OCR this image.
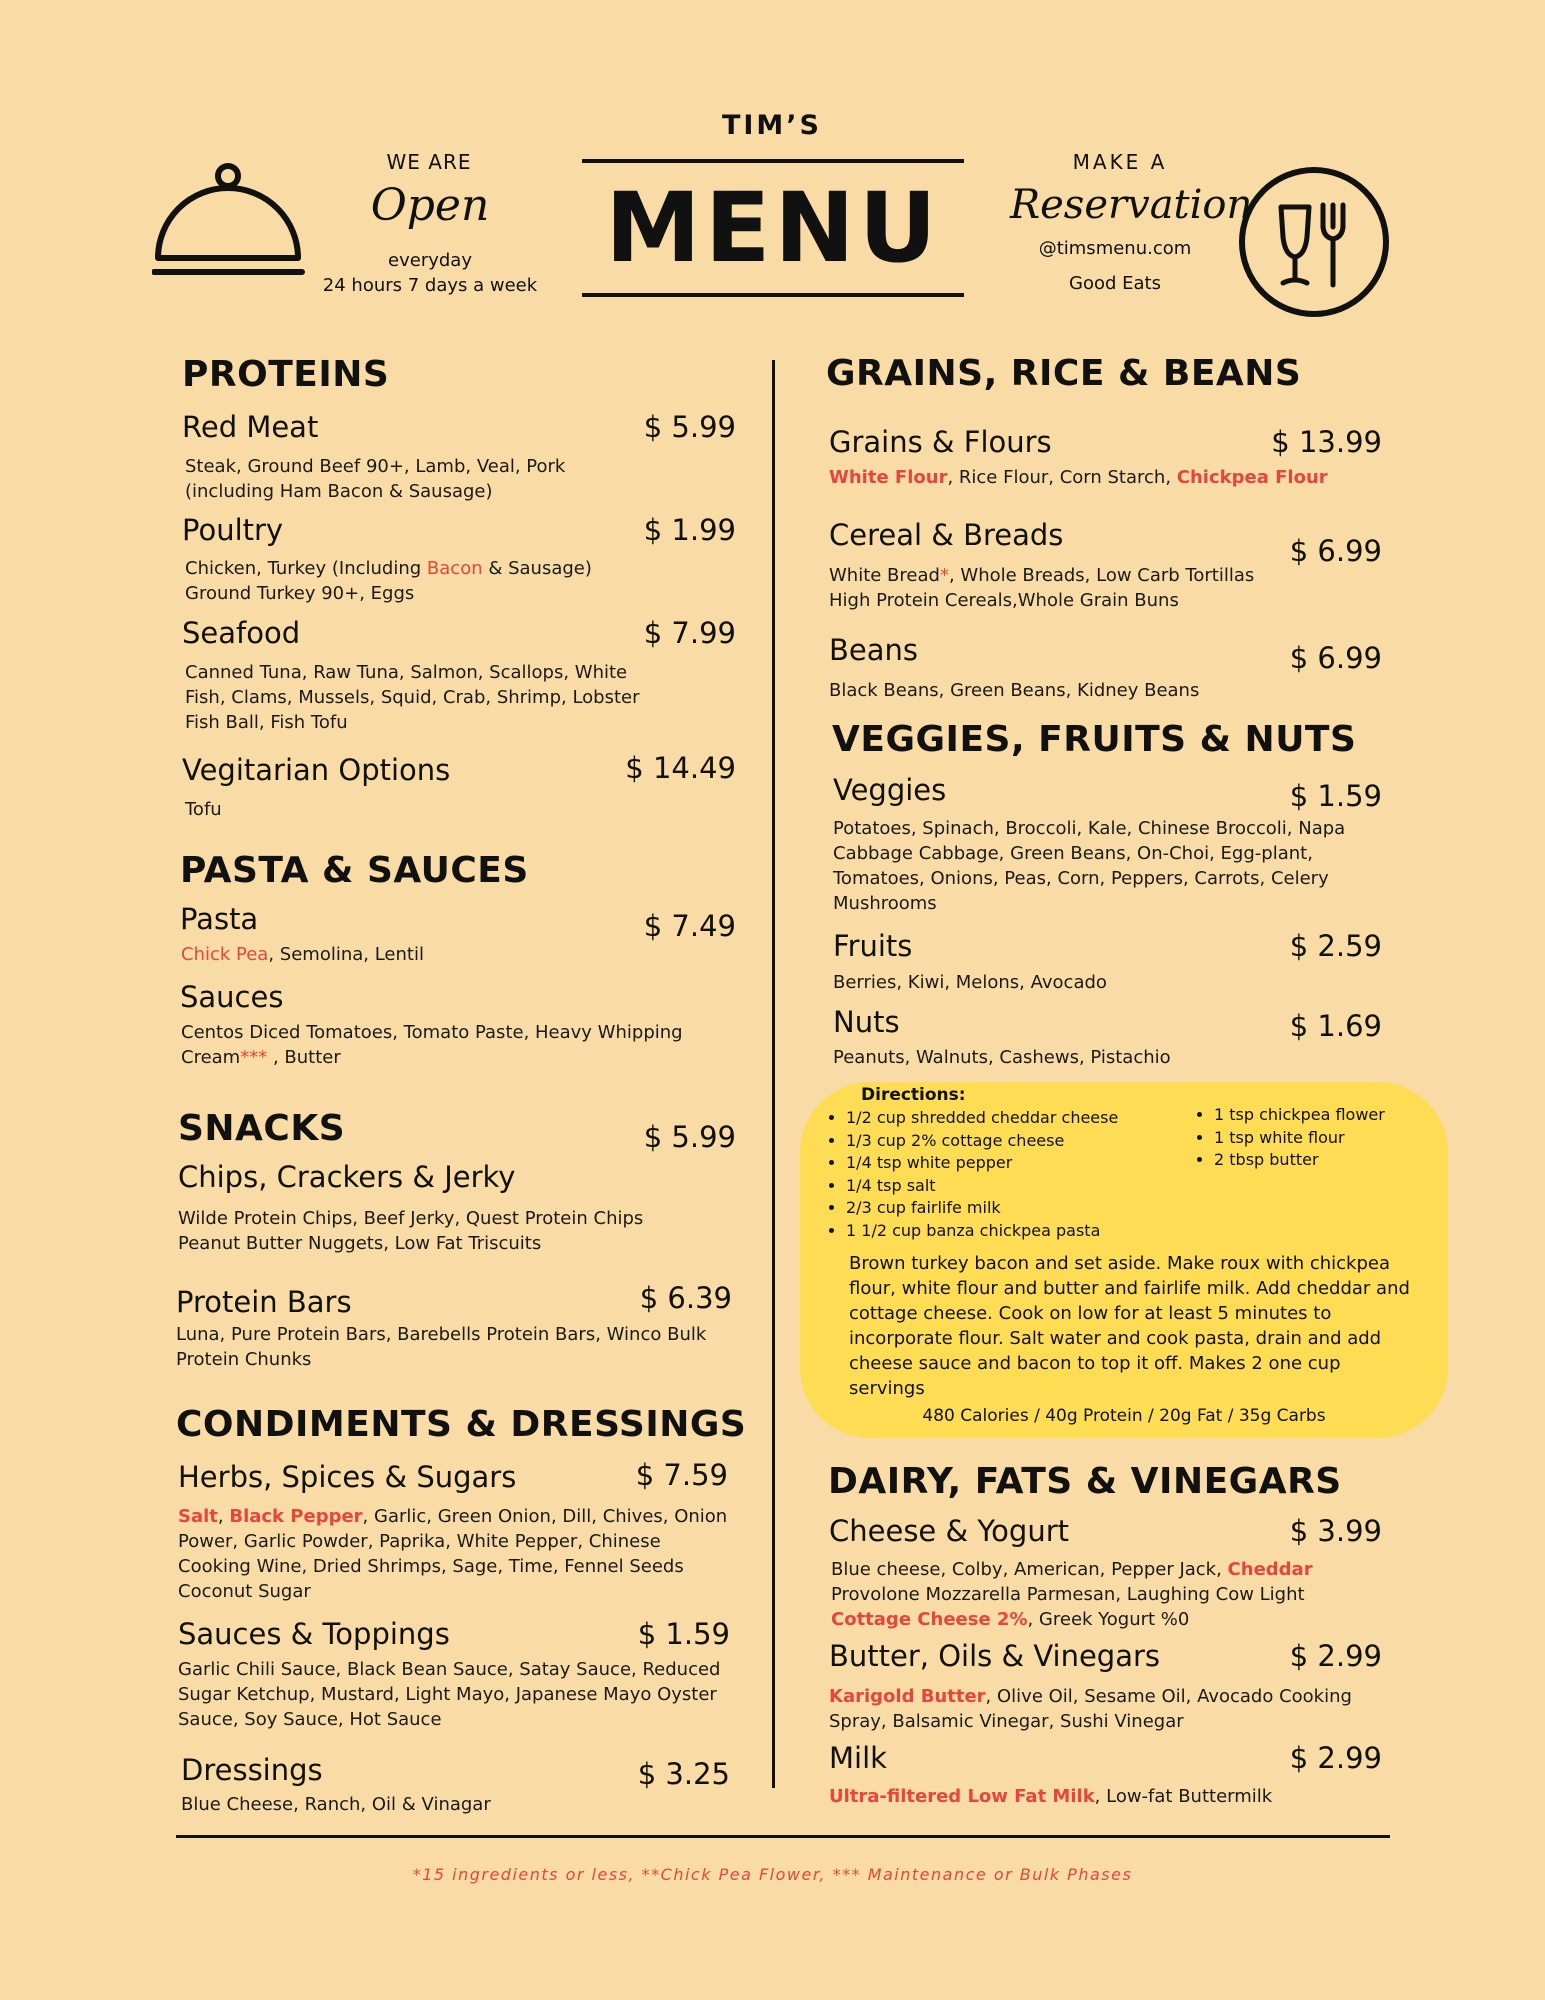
WE ARE
Open
everyday
24 hours 7 days a week
TIM’S
MENU
MAKE A
Reservation
@timsmenu.com
Good Eats
PROTEINS
Red Meat	$ 5.99
Steak, Ground Beef 90+, Lamb, Veal, Pork
(including Ham Bacon & Sausage)
Poultry	$ 1.99
Chicken, Turkey (Including Bacon & Sausage)
Ground Turkey 90+, Eggs
Seafood	$ 7.99
Canned Tuna, Raw Tuna, Salmon, Scallops, White
Fish, Clams, Mussels, Squid, Crab, Shrimp, Lobster
Fish Ball, Fish Tofu
Vegitarian Options	$ 14.49
Tofu
PASTA & SAUCES
Pasta	$ 7.49
Chick Pea, Semolina, Lentil
Sauces
Centos Diced Tomatoes, Tomato Paste, Heavy Whipping
Cream*** , Butter
SNACKS	$ 5.99
Chips, Crackers & Jerky
Wilde Protein Chips, Beef Jerky, Quest Protein Chips
Peanut Butter Nuggets, Low Fat Triscuits
Protein Bars	$ 6.39
Luna, Pure Protein Bars, Barebells Protein Bars, Winco Bulk
Protein Chunks
CONDIMENTS & DRESSINGS
Herbs, Spices & Sugars	$ 7.59
Salt, Black Pepper, Garlic, Green Onion, Dill, Chives, Onion
Power, Garlic Powder, Paprika, White Pepper, Chinese
Cooking Wine, Dried Shrimps, Sage, Time, Fennel Seeds
Coconut Sugar
Sauces & Toppings	$ 1.59
Garlic Chili Sauce, Black Bean Sauce, Satay Sauce, Reduced
Sugar Ketchup, Mustard, Light Mayo, Japanese Mayo Oyster
Sauce, Soy Sauce, Hot Sauce
Dressings	$ 3.25
Blue Cheese, Ranch, Oil & Vinagar
GRAINS, RICE & BEANS
Grains & Flours	$ 13.99
White Flour, Rice Flour, Corn Starch, Chickpea Flour
Cereal & Breads	$ 6.99
White Bread*, Whole Breads, Low Carb Tortillas
High Protein Cereals,Whole Grain Buns
Beans	$ 6.99
Black Beans, Green Beans, Kidney Beans
VEGGIES, FRUITS & NUTS
Veggies	$ 1.59
Potatoes, Spinach, Broccoli, Kale, Chinese Broccoli, Napa
Cabbage Cabbage, Green Beans, On-Choi, Egg-plant,
Tomatoes, Onions, Peas, Corn, Peppers, Carrots, Celery
Mushrooms
Fruits	$ 2.59
Berries, Kiwi, Melons, Avocado
Nuts	$ 1.69
Peanuts, Walnuts, Cashews, Pistachio
Directions:
• 1/2 cup shredded cheddar cheese
• 1/3 cup 2% cottage cheese
• 1/4 tsp white pepper
• 1/4 tsp salt
• 2/3 cup fairlife milk
• 1 1/2 cup banza chickpea pasta
• 1 tsp chickpea flower
• 1 tsp white flour
• 2 tbsp butter
Brown turkey bacon and set aside. Make roux with chickpea
flour, white flour and butter and fairlife milk. Add cheddar and
cottage cheese. Cook on low for at least 5 minutes to
incorporate flour. Salt water and cook pasta, drain and add
cheese sauce and bacon to top it off. Makes 2 one cup
servings
480 Calories / 40g Protein / 20g Fat / 35g Carbs
DAIRY, FATS & VINEGARS
Cheese & Yogurt	$ 3.99
Blue cheese, Colby, American, Pepper Jack, Cheddar
Provolone Mozzarella Parmesan, Laughing Cow Light
Cottage Cheese 2%, Greek Yogurt %0
Butter, Oils & Vinegars	$ 2.99
Karigold Butter, Olive Oil, Sesame Oil, Avocado Cooking
Spray, Balsamic Vinegar, Sushi Vinegar
Milk	$ 2.99
Ultra-filtered Low Fat Milk, Low-fat Buttermilk
*15 ingredients or less, **Chick Pea Flower, *** Maintenance or Bulk Phases
